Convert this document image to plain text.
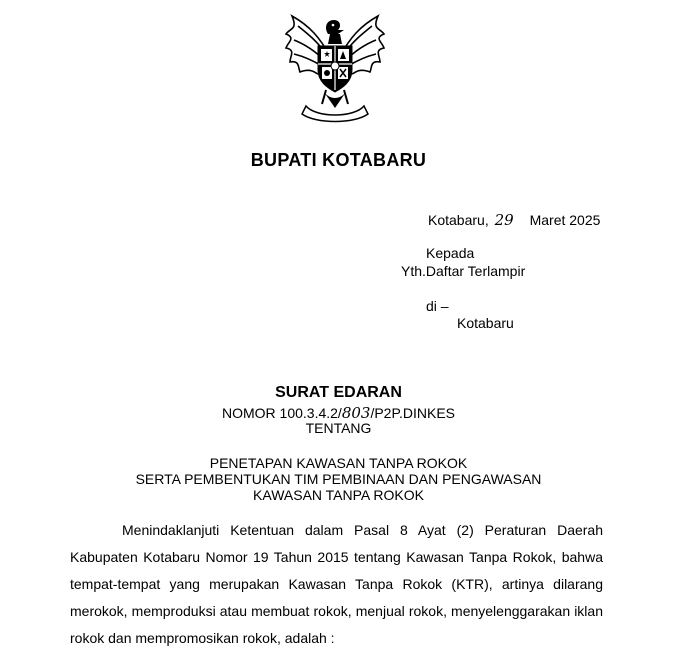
BUPATI KOTABARU
Kotabaru, 29 Maret 2025
Kepada
Yth.Daftar Terlampir
di –
Kotabaru
SURAT EDARAN
NOMOR 100.3.4.2/803/P2P.DINKES
TENTANG
PENETAPAN KAWASAN TANPA ROKOK
SERTA PEMBENTUKAN TIM PEMBINAAN DAN PENGAWASAN
KAWASAN TANPA ROKOK
Menindaklanjuti Ketentuan dalam Pasal 8 Ayat (2) Peraturan Daerah
Kabupaten Kotabaru Nomor 19 Tahun 2015 tentang Kawasan Tanpa Rokok, bahwa
tempat-tempat yang merupakan Kawasan Tanpa Rokok (KTR), artinya dilarang
merokok, memproduksi atau membuat rokok, menjual rokok, menyelenggarakan iklan
rokok dan mempromosikan rokok, adalah :
